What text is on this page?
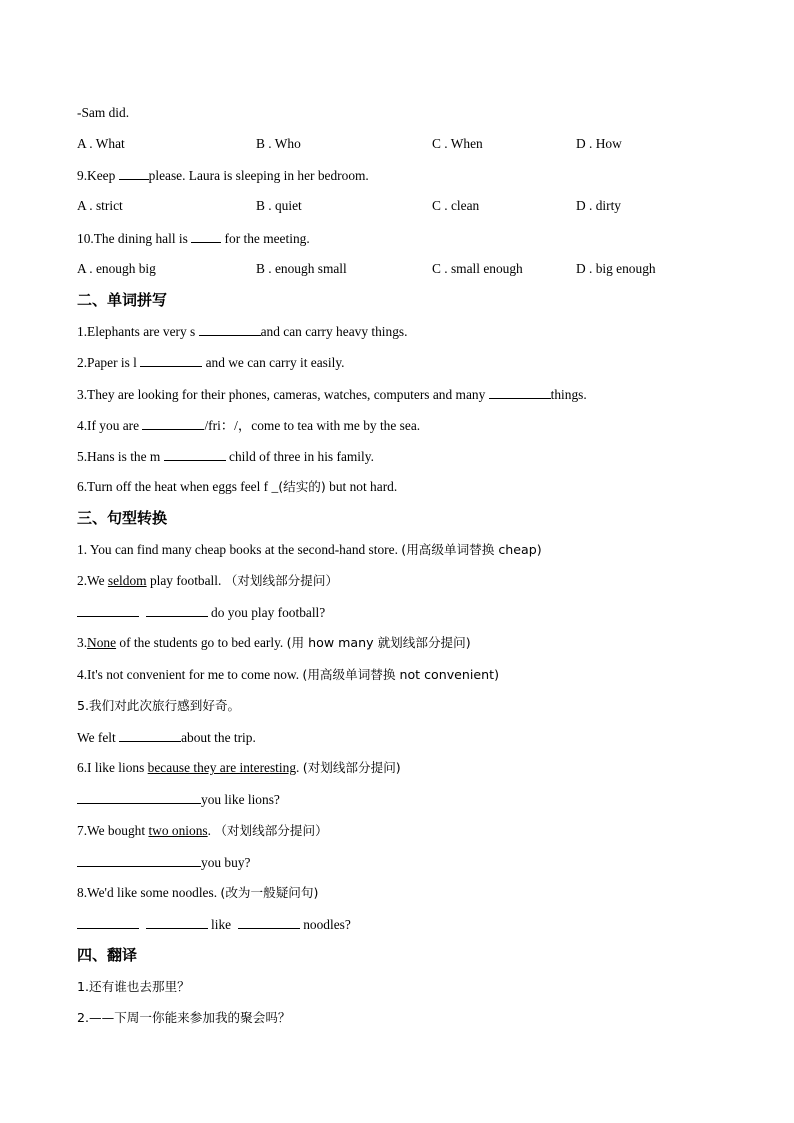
-Sam did.
A . What	B . Who	C . When	D . How
9.Keep please. Laura is sleeping in her bedroom.
A . strict	B . quiet	C . clean	D . dirty
10.The dining hall is  for the meeting.
A . enough big	B . enough small	C . small enough	D . big enough
二、单词拼写
1.Elephants are very s	and can carry heavy things.
2.Paper is l	and we can carry it easily.
3.They are looking for their phones, cameras, watches, computers and many	things.
4.If you are	/fri：/，come to tea with me by the sea.
5.Hans is the m	child of three in his family.
6.Turn off the heat when eggs feel f _(结实的) but not hard.
三、句型转换
1. You can find many cheap books at the second-hand store. (用高级单词替换 cheap)
2.We seldom play football. （对划线部分提问）
do you play football?
3.None of the students go to bed early. (用 how many 就划线部分提问)
4.It's not convenient for me to come now. (用高级单词替换 not convenient)
5.我们对此次旅行感到好奇。
We felt	about the trip.
6.I like lions because they are interesting. (对划线部分提问)
you like lions?
7.We bought two onions. （对划线部分提问）
you buy?
8.We'd like some noodles. (改为一般疑问句)
like	noodles?
四、翻译
1.还有谁也去那里？
2.——下周一你能来参加我的聚会吗？
